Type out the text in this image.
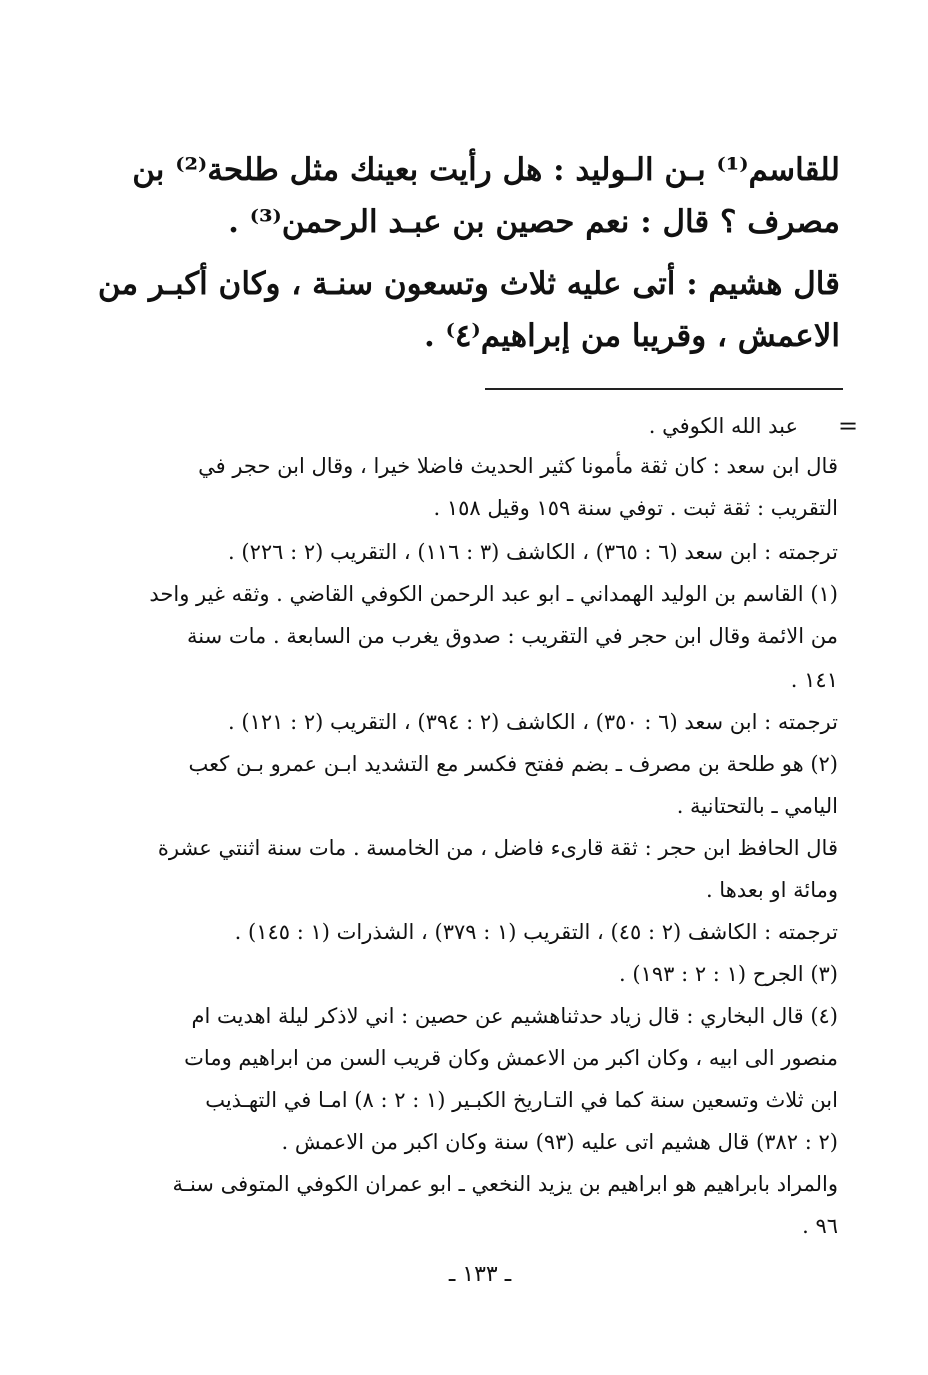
للقاسم⁽¹⁾ بـن الـوليد : هل رأيت بعينك مثل طلحة⁽²⁾ بن
مصرف ؟ قال : نعم حصين بن عبـد الرحمن⁽³⁾ .
قال هشيم : أتى عليه ثلاث وتسعون سنـة ، وكان أكبـر من
الاعمش ، وقريبا من إبراهيم⁽٤⁾ .
=
عبد الله الكوفي .
قال ابن سعد : كان ثقة مأمونا كثير الحديث فاضلا خيرا ، وقال ابن حجر في
التقريب : ثقة ثبت . توفي سنة ١٥٩ وقيل ١٥٨ .
ترجمته : ابن سعد (٦ : ٣٦٥) ، الكاشف (٣ : ١١٦) ، التقريب (٢ : ٢٢٦) .
(١) القاسم بن الوليد الهمداني ـ ابو عبد الرحمن الكوفي القاضي . وثقه غير واحد
من الائمة وقال ابن حجر في التقريب : صدوق يغرب من السابعة . مات سنة
١٤١ .
ترجمته : ابن سعد (٦ : ٣٥٠) ، الكاشف (٢ : ٣٩٤) ، التقريب (٢ : ١٢١) .
(٢) هو طلحة بن مصرف ـ بضم ففتح فكسر مع التشديد ابـن عمرو بـن كعب
اليامي ـ بالتحتانية .
قال الحافظ ابن حجر : ثقة قارىء فاضل ، من الخامسة . مات سنة اثنتي عشرة
ومائة او بعدها .
ترجمته : الكاشف (٢ : ٤٥) ، التقريب (١ : ٣٧٩) ، الشذرات (١ : ١٤٥) .
(٣) الجرح (١ : ٢ : ١٩٣) .
(٤) قال البخاري : قال زياد حدثناهشيم عن حصين : اني لاذكر ليلة اهديت ام
منصور الى ابيه ، وكان اكبر من الاعمش وكان قريب السن من ابراهيم ومات
ابن ثلاث وتسعين سنة كما في التـاريخ الكبـير (١ : ٢ : ٨) امـا في التهـذيب
(٢ : ٣٨٢) قال هشيم اتى عليه (٩٣) سنة وكان اكبر من الاعمش .
والمراد بابراهيم هو ابراهيم بن يزيد النخعي ـ ابو عمران الكوفي المتوفى سنـة
٩٦ .
ـ ١٣٣ ـ
